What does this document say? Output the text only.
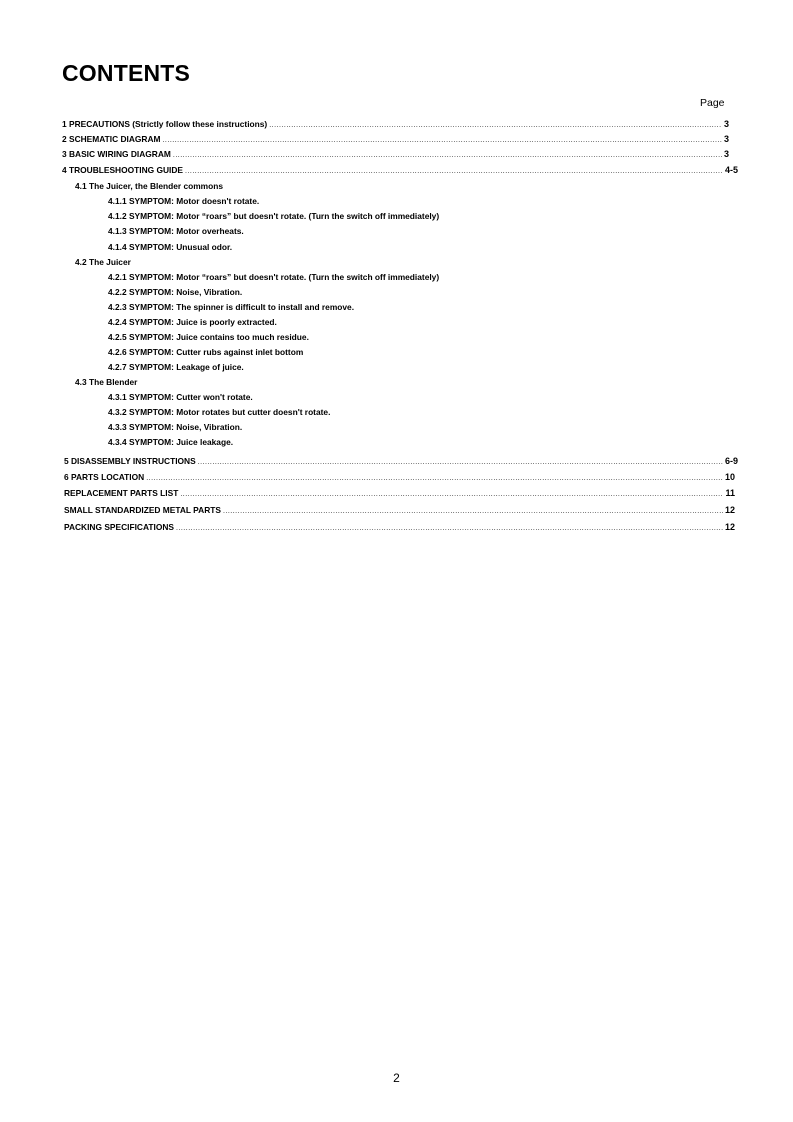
CONTENTS
Page
1 PRECAUTIONS (Strictly follow these instructions) .....	3
2 SCHEMATIC DIAGRAM .....	3
3 BASIC WIRING DIAGRAM .....	3
4 TROUBLESHOOTING GUIDE .....	4-5
4.1 The Juicer, the Blender commons
4.1.1 SYMPTOM: Motor doesn't rotate.
4.1.2 SYMPTOM: Motor “roars” but doesn't rotate. (Turn the switch off immediately)
4.1.3 SYMPTOM: Motor overheats.
4.1.4 SYMPTOM: Unusual odor.
4.2 The Juicer
4.2.1 SYMPTOM: Motor “roars” but doesn't rotate. (Turn the switch off immediately)
4.2.2 SYMPTOM: Noise, Vibration.
4.2.3 SYMPTOM: The spinner is difficult to install and remove.
4.2.4 SYMPTOM: Juice is poorly extracted.
4.2.5 SYMPTOM: Juice contains too much residue.
4.2.6 SYMPTOM: Cutter rubs against inlet bottom
4.2.7 SYMPTOM: Leakage of juice.
4.3 The Blender
4.3.1 SYMPTOM: Cutter won't rotate.
4.3.2 SYMPTOM: Motor rotates but cutter doesn't rotate.
4.3.3 SYMPTOM: Noise, Vibration.
4.3.4 SYMPTOM: Juice leakage.
5 DISASSEMBLY INSTRUCTIONS .....	6-9
6 PARTS LOCATION .....	10
REPLACEMENT PARTS LIST .....	11
SMALL STANDARDIZED METAL PARTS .....	12
PACKING SPECIFICATIONS .....	12
2
